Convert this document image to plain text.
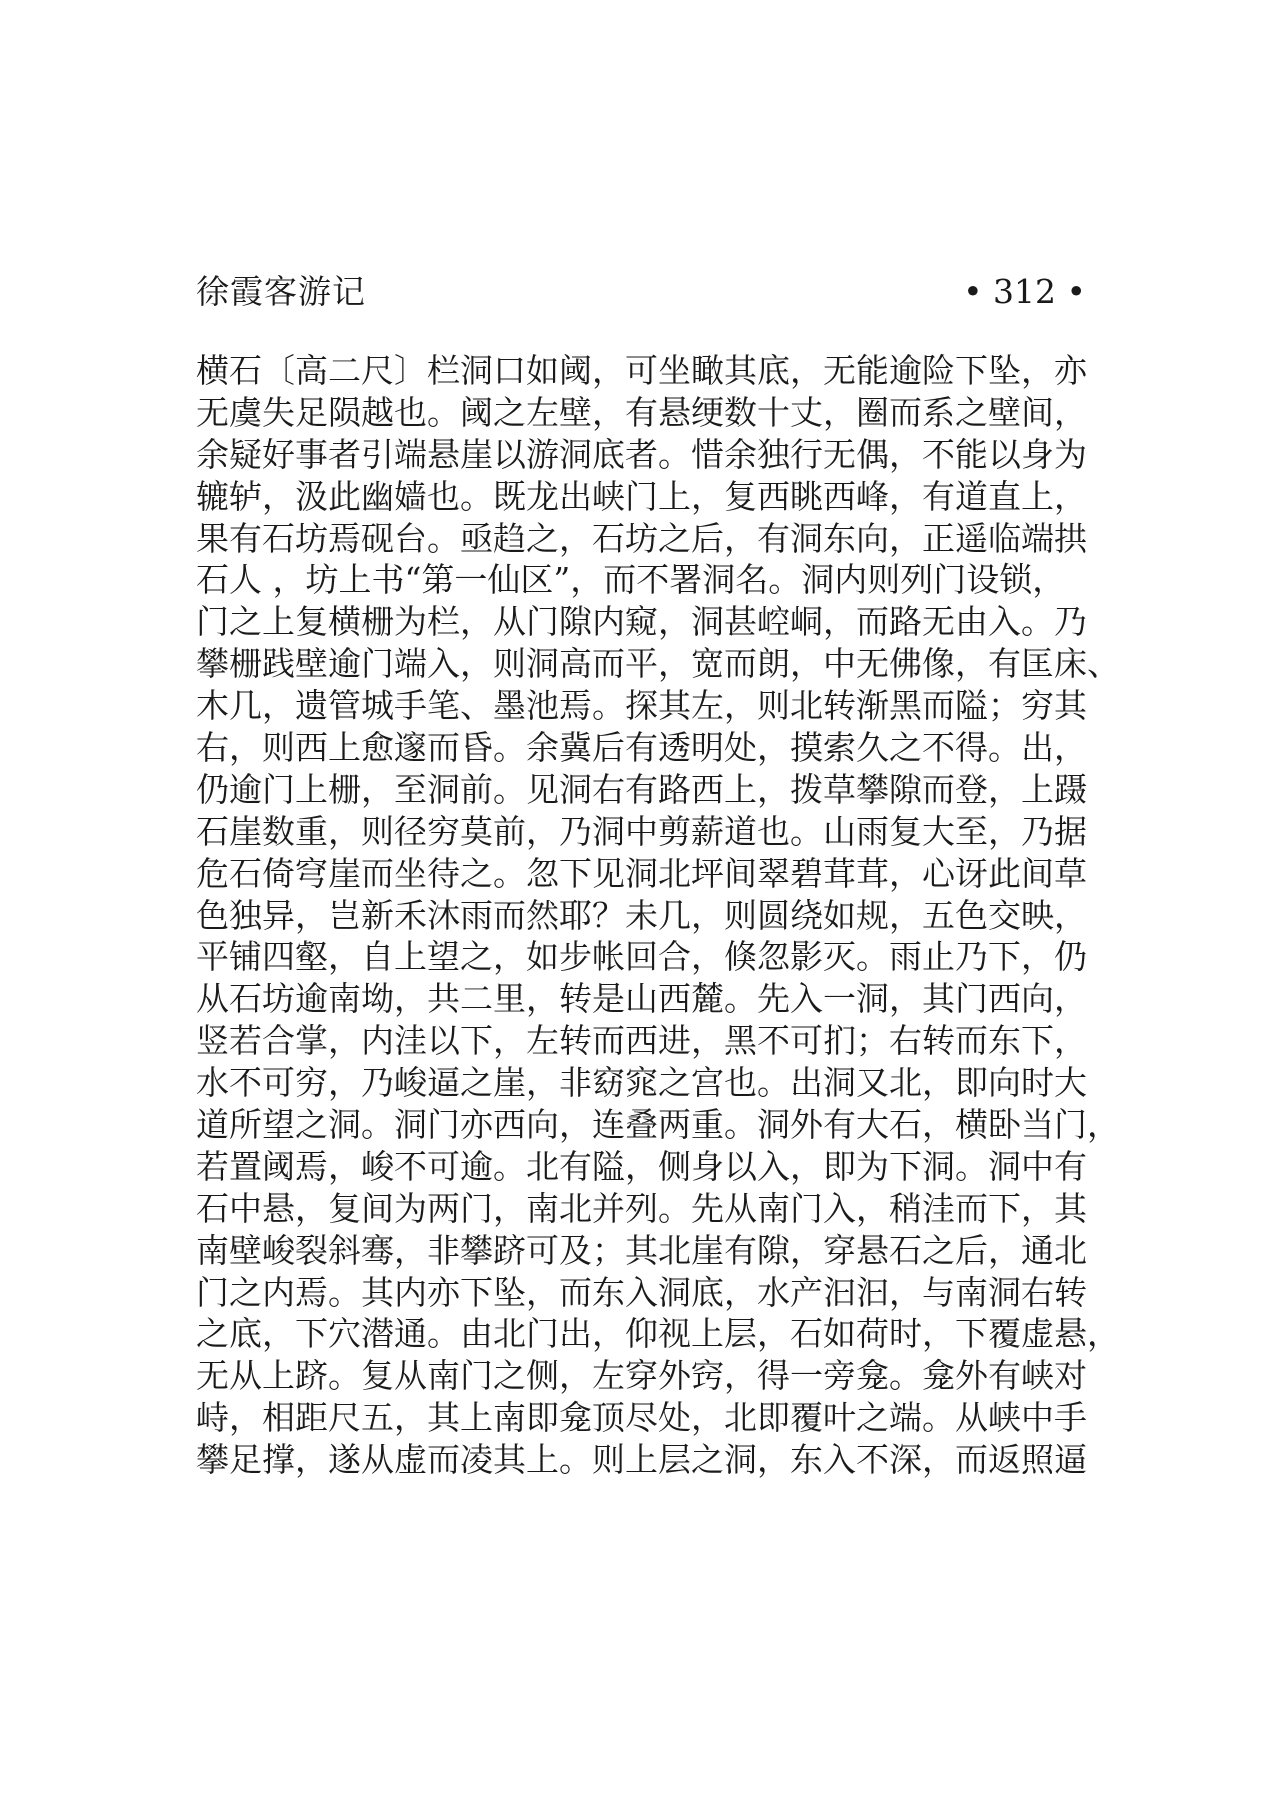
徐霞客游记	• 312 •
横石〔高二尺〕栏洞口如阈，可坐瞰其底，无能逾险下坠，亦
无虞失足陨越也。阈之左壁，有悬绠数十丈，圈而系之壁间，
余疑好事者引端悬崖以游洞底者。惜余独行无偶，不能以身为
辘轳，汲此幽嫱也。既龙出峡门上，复西眺西峰，有道直上，
果有石坊焉砚台。亟趋之，石坊之后，有洞东向，正遥临端拱
石人 ，坊上书“第一仙区”，而不署洞名。洞内则列门设锁，
门之上复横栅为栏，从门隙内窥，洞甚崆峒，而路无由入。乃
攀栅践壁逾门端入，则洞高而平，宽而朗，中无佛像，有匡床、
木几，遗管城手笔、墨池焉。探其左，则北转渐黑而隘；穷其
右，则西上愈邃而昏。余冀后有透明处，摸索久之不得。出，
仍逾门上栅，至洞前。见洞右有路西上，拨草攀隙而登，上蹑
石崖数重，则径穷莫前，乃洞中剪薪道也。山雨复大至，乃据
危石倚穹崖而坐待之。忽下见洞北坪间翠碧茸茸，心讶此间草
色独异，岂新禾沐雨而然耶？未几，则圆绕如规，五色交映，
平铺四壑，自上望之，如步帐回合，倏忽影灭。雨止乃下，仍
从石坊逾南坳，共二里，转是山西麓。先入一洞，其门西向，
竖若合掌，内洼以下，左转而西进，黑不可扪；右转而东下，
水不可穷，乃峻逼之崖，非窈窕之宫也。出洞又北，即向时大
道所望之洞。洞门亦西向，连叠两重。洞外有大石，横卧当门，
若置阈焉，峻不可逾。北有隘，侧身以入，即为下洞。洞中有
石中悬，复间为两门，南北并列。先从南门入，稍洼而下，其
南壁峻裂斜骞，非攀跻可及；其北崖有隙，穿悬石之后，通北
门之内焉。其内亦下坠，而东入洞底，水产汩汩，与南洞右转
之底，下穴潜通。由北门出，仰视上层，石如荷时，下覆虚悬，
无从上跻。复从南门之侧，左穿外窍，得一旁龛。龛外有峡对
峙，相距尺五，其上南即龛顶尽处，北即覆叶之端。从峡中手
攀足撑，遂从虚而凌其上。则上层之洞，东入不深，而返照逼
